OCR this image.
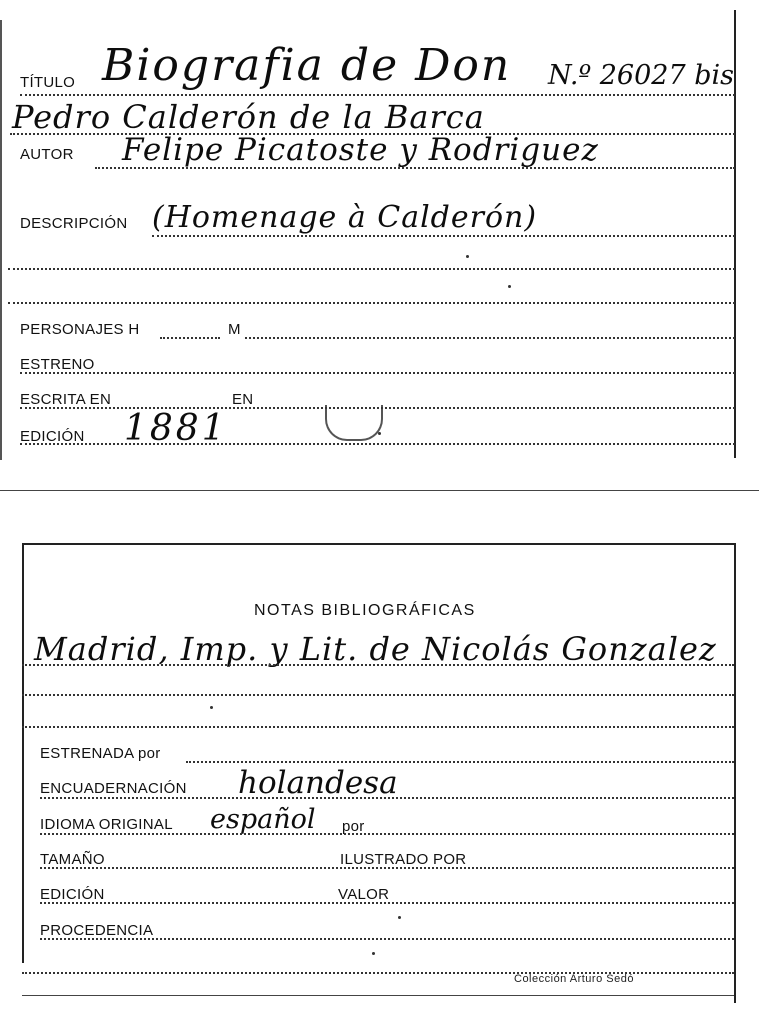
TÍTULO Biografia de Don N.º 26027 bis
Pedro Calderón de la Barca
AUTOR Felipe Picatoste y Rodriguez
DESCRIPCIÓN (Homenage à Calderón)
PERSONAJES H	M
ESTRENO
ESCRITA EN	EN
EDICIÓN 1881
NOTAS BIBLIOGRÁFICAS
Madrid, Imp. y Lit. de Nicolás Gonzalez
ESTRENADA por
ENCUADERNACIÓN holandesa
IDIOMA ORIGINAL español por
TAMAÑO	ILUSTRADO POR
EDICIÓN	VALOR
PROCEDENCIA
Colección Arturo Sedó
